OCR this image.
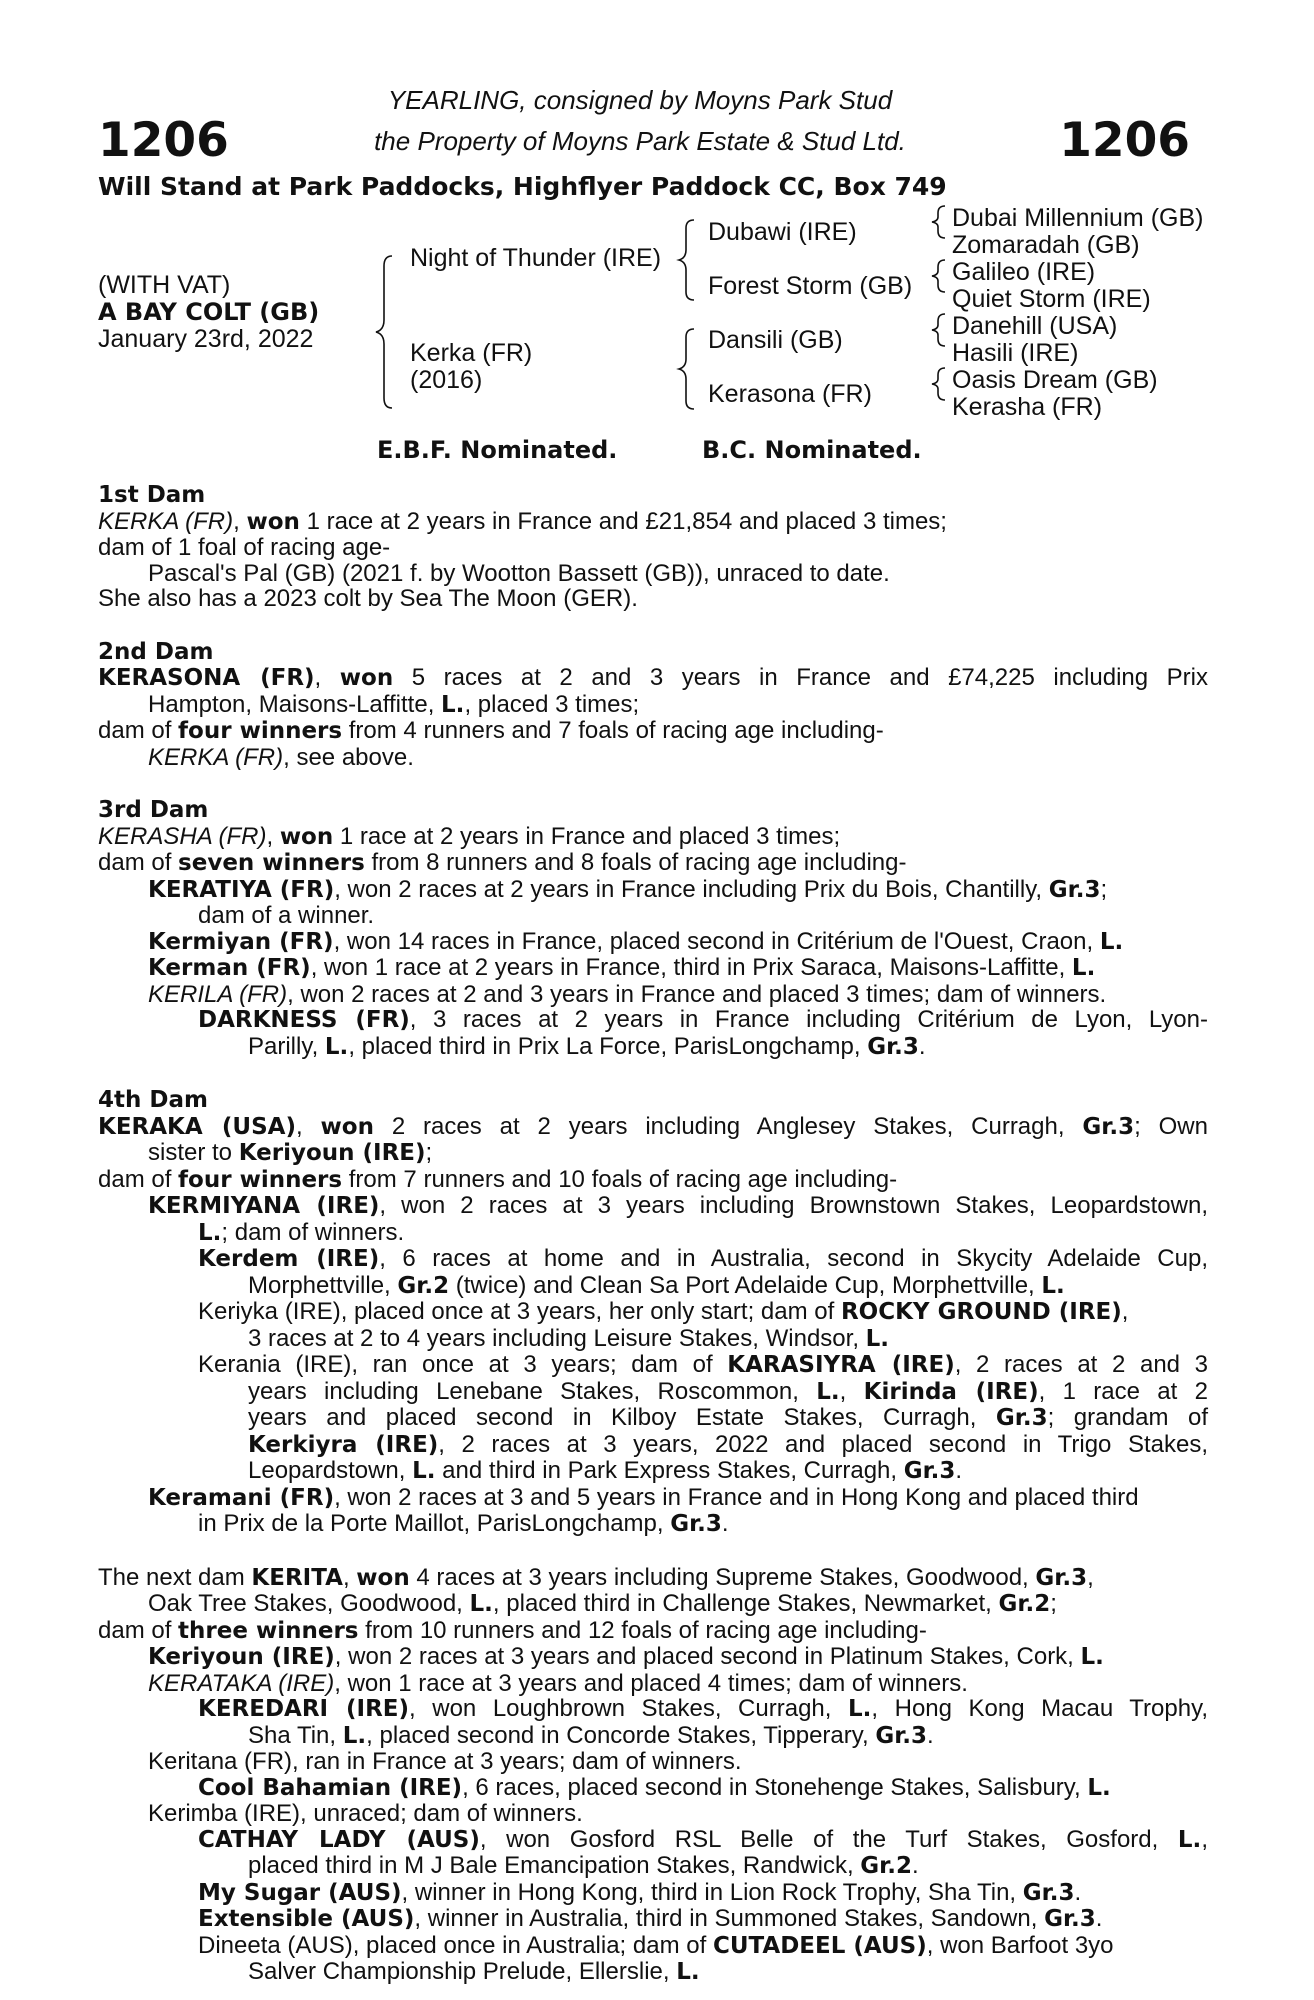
1206	1206
YEARLING, consigned by Moyns Park Stud
the Property of Moyns Park Estate & Stud Ltd.
Will Stand at Park Paddocks, Highflyer Paddock CC, Box 749
(WITH VAT)
A BAY COLT (GB)
January 23rd, 2022
Night of Thunder (IRE)
Kerka (FR)
(2016)
Dubawi (IRE)
Forest Storm (GB)
Dansili (GB)
Kerasona (FR)
Dubai Millennium (GB)
Zomaradah (GB)
Galileo (IRE)
Quiet Storm (IRE)
Danehill (USA)
Hasili (IRE)
Oasis Dream (GB)
Kerasha (FR)
E.B.F. Nominated.	B.C. Nominated.
1st Dam
KERKA (FR), won 1 race at 2 years in France and £21,854 and placed 3 times;
dam of 1 foal of racing age-
Pascal's Pal (GB) (2021 f. by Wootton Bassett (GB)), unraced to date.
She also has a 2023 colt by Sea The Moon (GER).
2nd Dam
KERASONA (FR), won 5 races at 2 and 3 years in France and £74,225 including Prix
Hampton, Maisons-Laffitte, L., placed 3 times;
dam of four winners from 4 runners and 7 foals of racing age including-
KERKA (FR), see above.
3rd Dam
KERASHA (FR), won 1 race at 2 years in France and placed 3 times;
dam of seven winners from 8 runners and 8 foals of racing age including-
KERATIYA (FR), won 2 races at 2 years in France including Prix du Bois, Chantilly, Gr.3;
dam of a winner.
Kermiyan (FR), won 14 races in France, placed second in Critérium de l'Ouest, Craon, L.
Kerman (FR), won 1 race at 2 years in France, third in Prix Saraca, Maisons-Laffitte, L.
KERILA (FR), won 2 races at 2 and 3 years in France and placed 3 times; dam of winners.
DARKNESS (FR), 3 races at 2 years in France including Critérium de Lyon, Lyon-
Parilly, L., placed third in Prix La Force, ParisLongchamp, Gr.3.
4th Dam
KERAKA (USA), won 2 races at 2 years including Anglesey Stakes, Curragh, Gr.3; Own
sister to Keriyoun (IRE);
dam of four winners from 7 runners and 10 foals of racing age including-
KERMIYANA (IRE), won 2 races at 3 years including Brownstown Stakes, Leopardstown,
L.; dam of winners.
Kerdem (IRE), 6 races at home and in Australia, second in Skycity Adelaide Cup,
Morphettville, Gr.2 (twice) and Clean Sa Port Adelaide Cup, Morphettville, L.
Keriyka (IRE), placed once at 3 years, her only start; dam of ROCKY GROUND (IRE),
3 races at 2 to 4 years including Leisure Stakes, Windsor, L.
Kerania (IRE), ran once at 3 years; dam of KARASIYRA (IRE), 2 races at 2 and 3
years including Lenebane Stakes, Roscommon, L., Kirinda (IRE), 1 race at 2
years and placed second in Kilboy Estate Stakes, Curragh, Gr.3; grandam of
Kerkiyra (IRE), 2 races at 3 years, 2022 and placed second in Trigo Stakes,
Leopardstown, L. and third in Park Express Stakes, Curragh, Gr.3.
Keramani (FR), won 2 races at 3 and 5 years in France and in Hong Kong and placed third
in Prix de la Porte Maillot, ParisLongchamp, Gr.3.
The next dam KERITA, won 4 races at 3 years including Supreme Stakes, Goodwood, Gr.3,
Oak Tree Stakes, Goodwood, L., placed third in Challenge Stakes, Newmarket, Gr.2;
dam of three winners from 10 runners and 12 foals of racing age including-
Keriyoun (IRE), won 2 races at 3 years and placed second in Platinum Stakes, Cork, L.
KERATAKA (IRE), won 1 race at 3 years and placed 4 times; dam of winners.
KEREDARI (IRE), won Loughbrown Stakes, Curragh, L., Hong Kong Macau Trophy,
Sha Tin, L., placed second in Concorde Stakes, Tipperary, Gr.3.
Keritana (FR), ran in France at 3 years; dam of winners.
Cool Bahamian (IRE), 6 races, placed second in Stonehenge Stakes, Salisbury, L.
Kerimba (IRE), unraced; dam of winners.
CATHAY LADY (AUS), won Gosford RSL Belle of the Turf Stakes, Gosford, L.,
placed third in M J Bale Emancipation Stakes, Randwick, Gr.2.
My Sugar (AUS), winner in Hong Kong, third in Lion Rock Trophy, Sha Tin, Gr.3.
Extensible (AUS), winner in Australia, third in Summoned Stakes, Sandown, Gr.3.
Dineeta (AUS), placed once in Australia; dam of CUTADEEL (AUS), won Barfoot 3yo
Salver Championship Prelude, Ellerslie, L.
